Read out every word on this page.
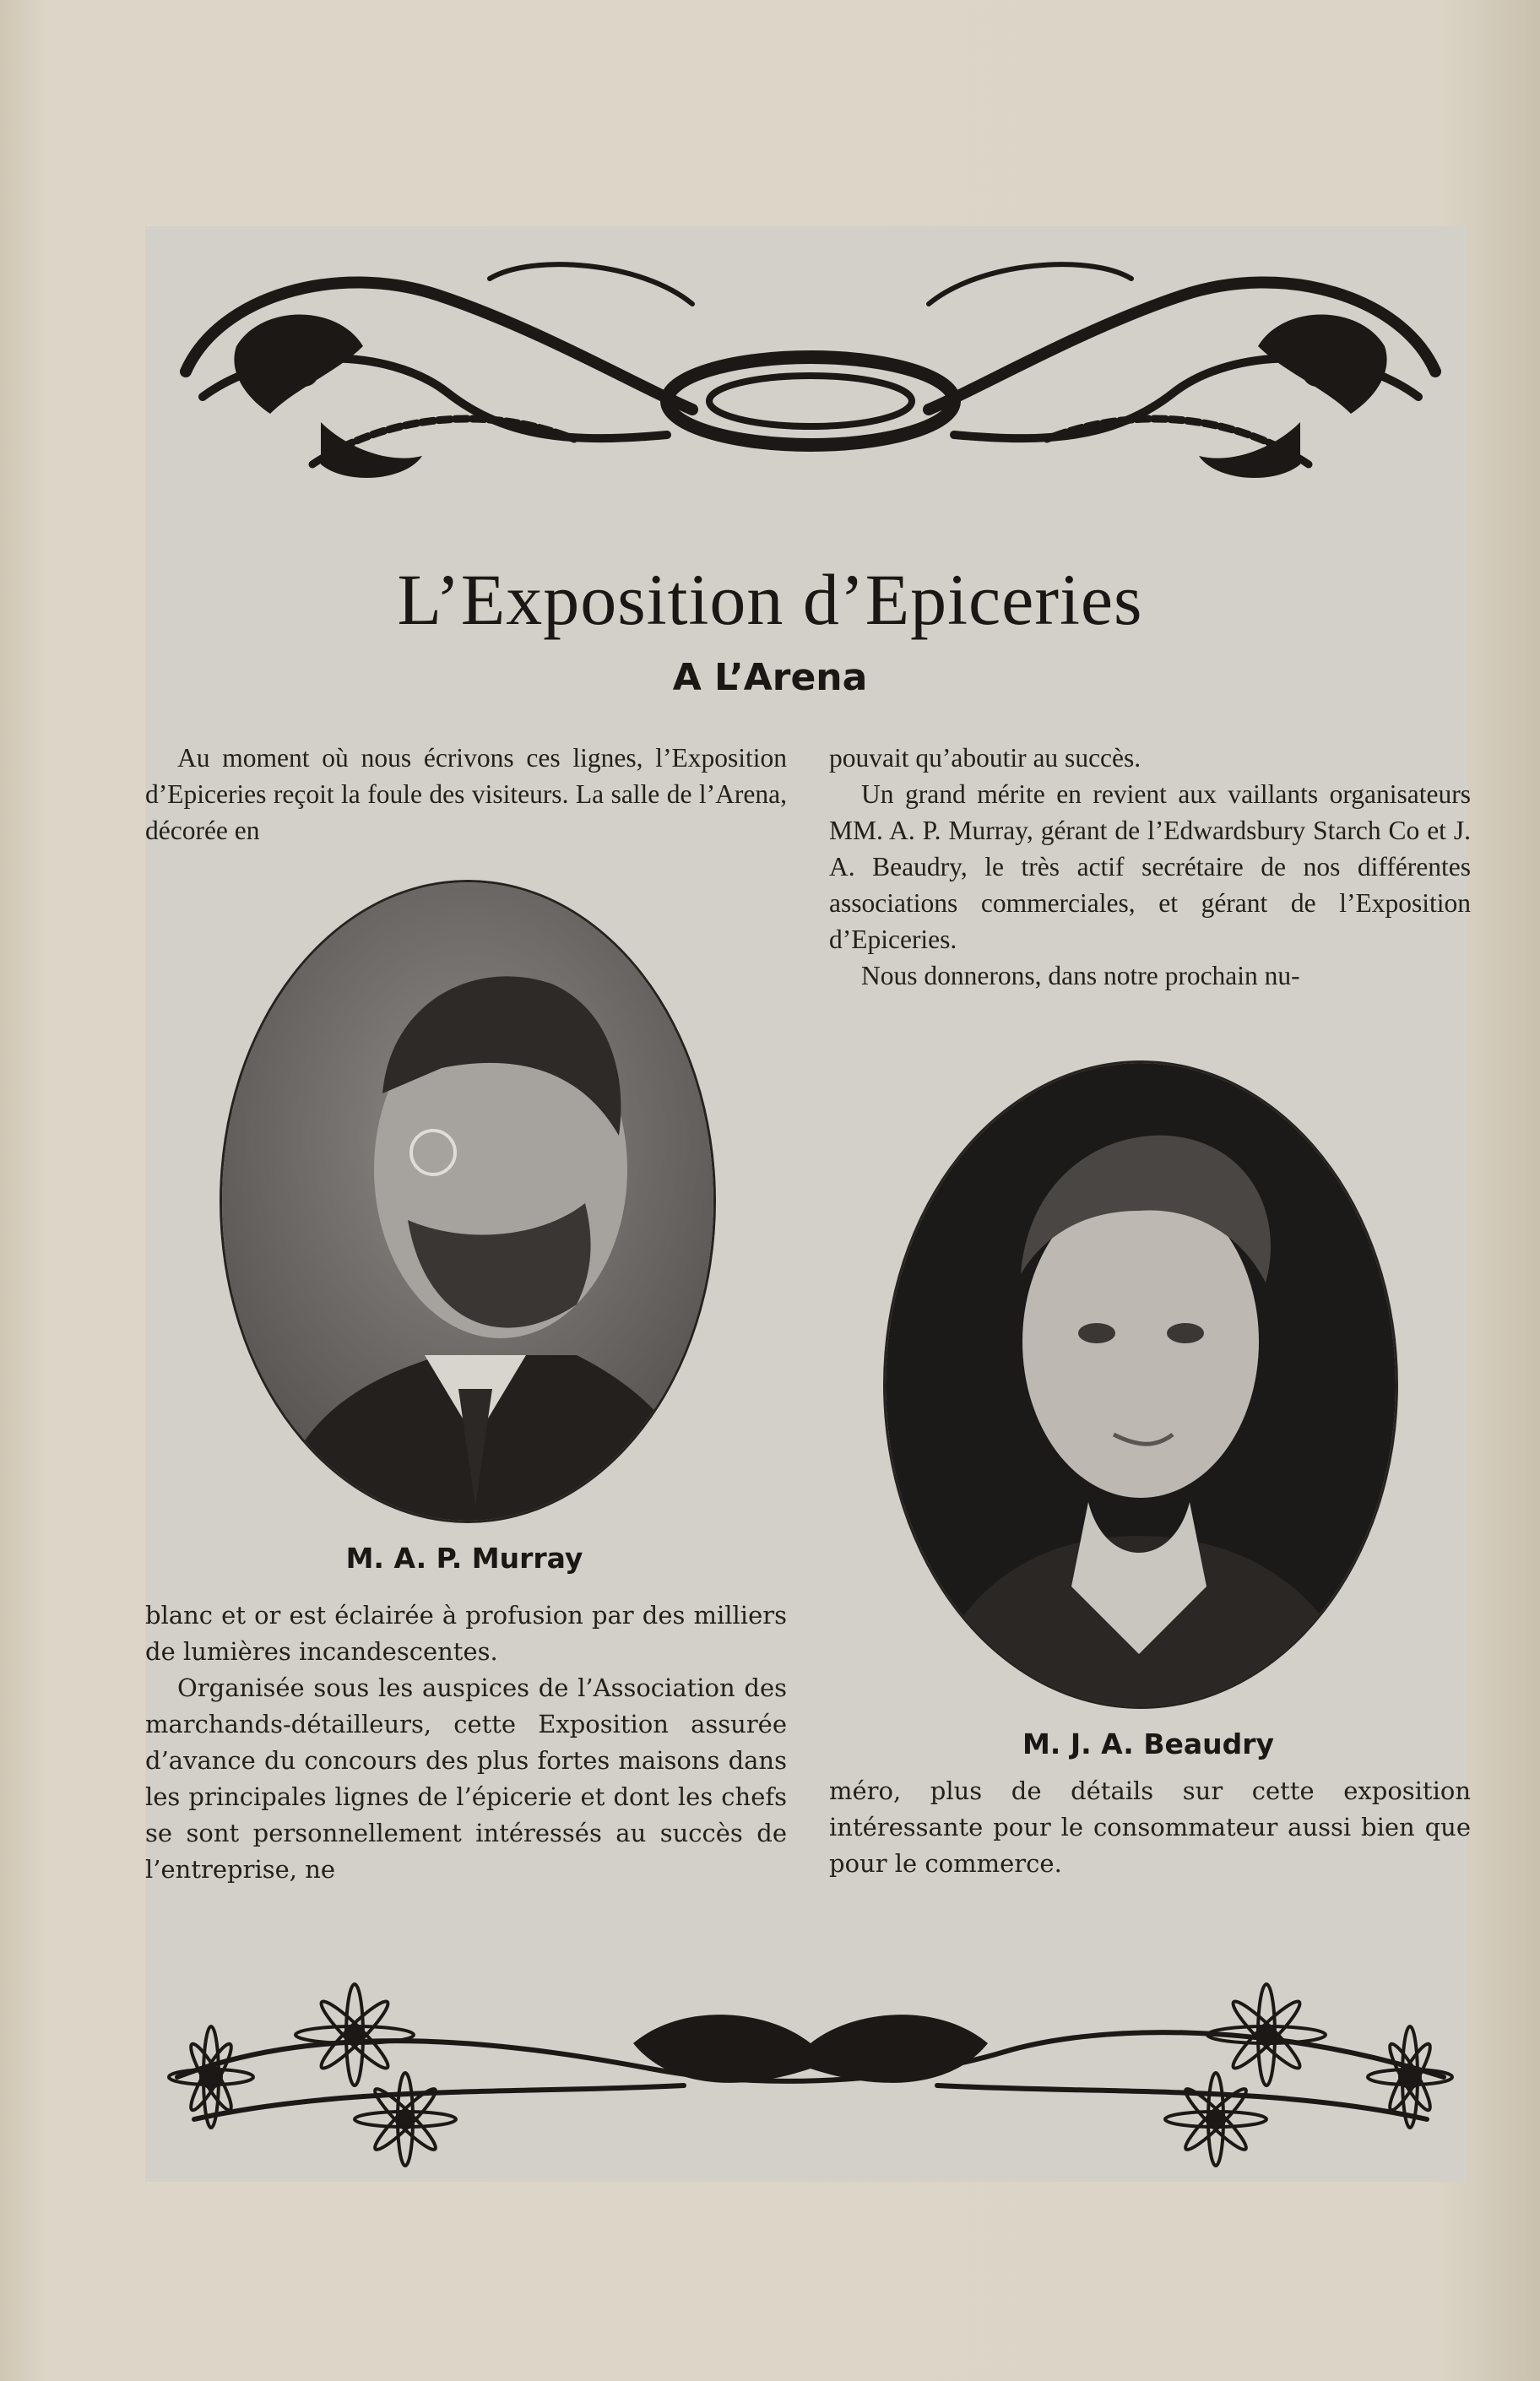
L’Exposition d’Epiceries
A L’Arena

Au moment où nous écrivons ces lignes, l’Exposition d’Epiceries reçoit la foule des visiteurs. La salle de l’Arena, décorée en

M. A. P. Murray

blanc et or est éclairée à profusion par des milliers de lumières incandescentes.

Organisée sous les auspices de l’Association des marchands-détailleurs, cette Exposition assurée d’avance du concours des plus fortes maisons dans les principales lignes de l’épicerie et dont les chefs se sont personnellement intéressés au succès de l’entreprise, ne

pouvait qu’aboutir au succès.

Un grand mérite en revient aux vaillants organisateurs MM. A. P. Murray, gérant de l’Edwardsbury Starch Co et J. A. Beaudry, le très actif secrétaire de nos différentes associations commerciales, et gérant de l’Exposition d’Epiceries.

Nous donnerons, dans notre prochain nu-

M. J. A. Beaudry

méro, plus de détails sur cette exposition intéressante pour le consommateur aussi bien que pour le commerce.
